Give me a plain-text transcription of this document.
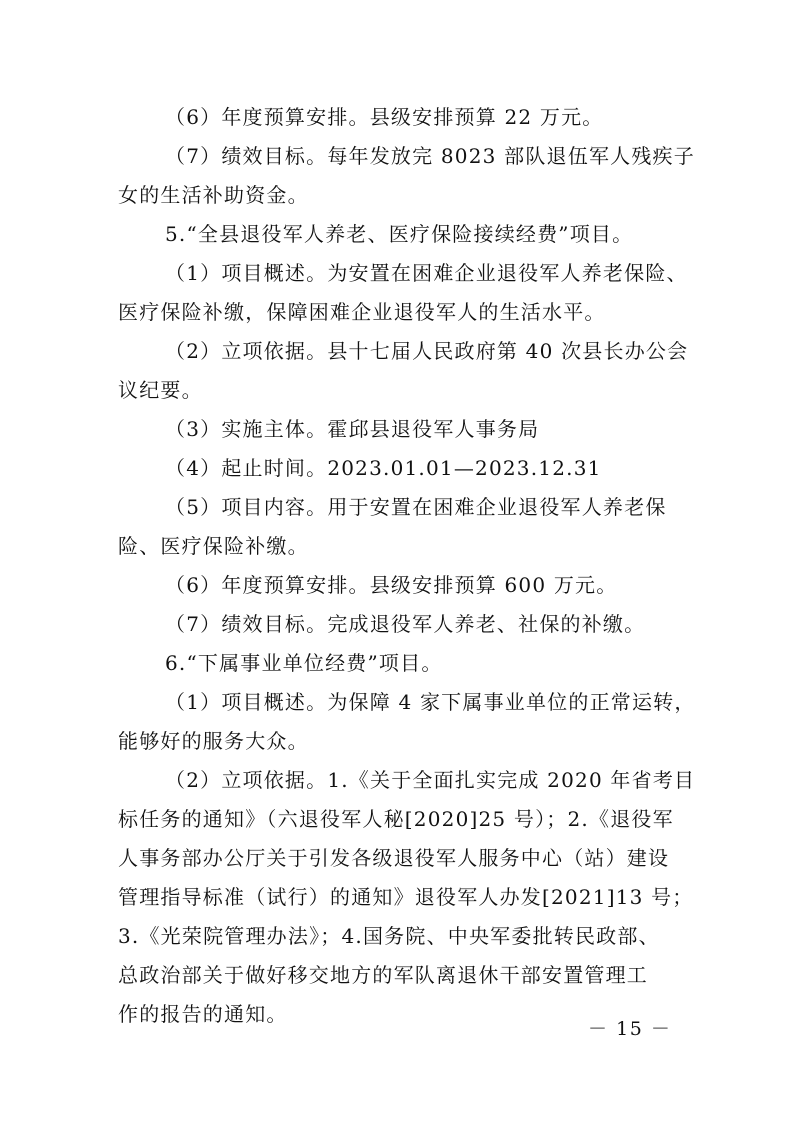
（6）年度预算安排。县级安排预算 22 万元。
（7）绩效目标。每年发放完 8023 部队退伍军人残疾子
女的生活补助资金。
5.“全县退役军人养老、医疗保险接续经费”项目。
（1）项目概述。为安置在困难企业退役军人养老保险、
医疗保险补缴，保障困难企业退役军人的生活水平。
（2）立项依据。县十七届人民政府第 40 次县长办公会
议纪要。
（3）实施主体。霍邱县退役军人事务局
（4）起止时间。2023.01.01—2023.12.31
（5）项目内容。用于安置在困难企业退役军人养老保
险、医疗保险补缴。
（6）年度预算安排。县级安排预算 600 万元。
（7）绩效目标。完成退役军人养老、社保的补缴。
6.“下属事业单位经费”项目。
（1）项目概述。为保障 4 家下属事业单位的正常运转，
能够好的服务大众。
（2）立项依据。1.《关于全面扎实完成 2020 年省考目
标任务的通知》（六退役军人秘[2020]25 号）；2.《退役军
人事务部办公厅关于引发各级退役军人服务中心（站）建设
管理指导标准（试行）的通知》退役军人办发[2021]13 号；
3.《光荣院管理办法》；4.国务院、中央军委批转民政部、
总政治部关于做好移交地方的军队离退休干部安置管理工
作的报告的通知。
－ 15 －
